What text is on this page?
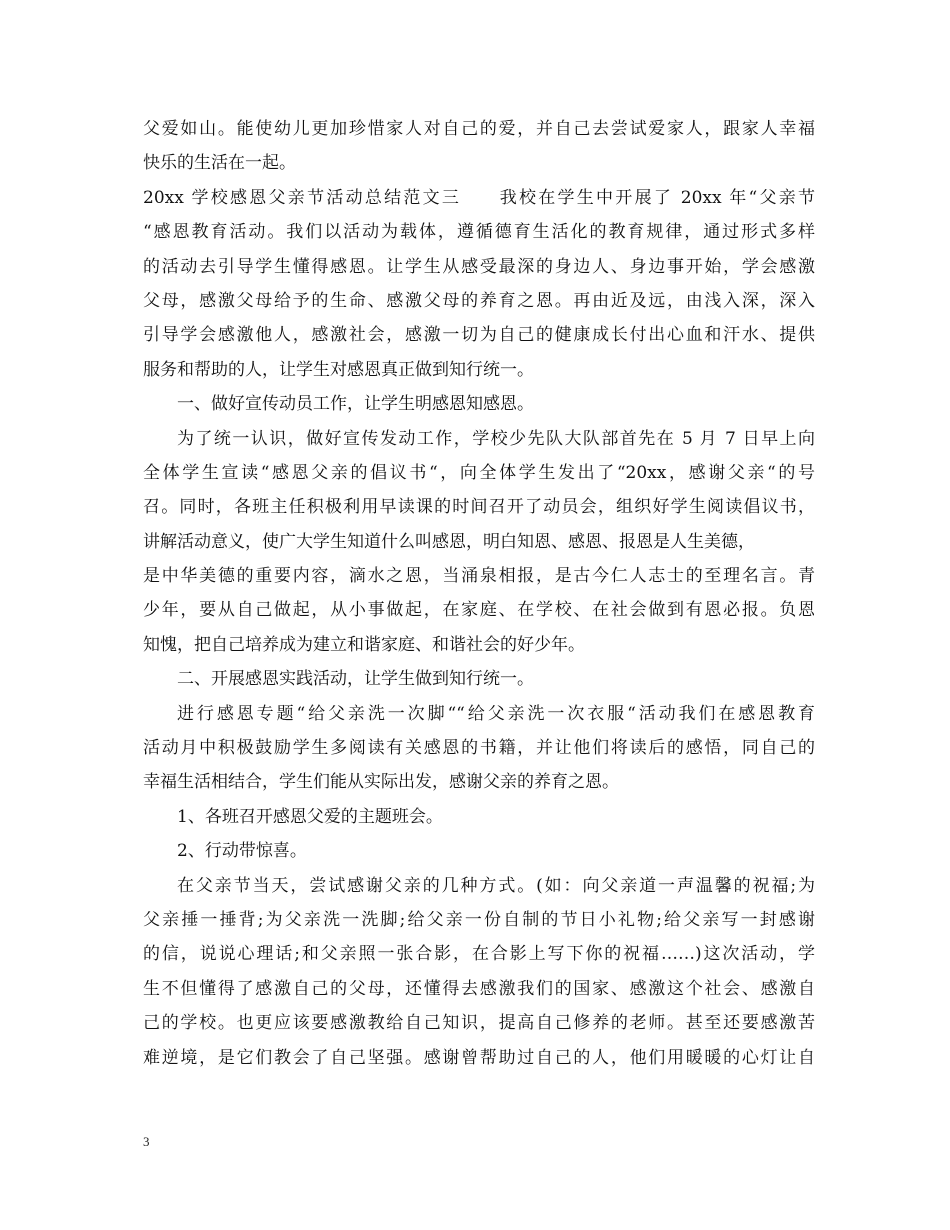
父爱如山。能使幼儿更加珍惜家人对自己的爱，并自己去尝试爱家人，跟家人幸福
快乐的生活在一起。
20xx 学校感恩父亲节活动总结范文三　　我校在学生中开展了 20xx 年“父亲节
“感恩教育活动。我们以活动为载体，遵循德育生活化的教育规律，通过形式多样
的活动去引导学生懂得感恩。让学生从感受最深的身边人、身边事开始，学会感激
父母，感激父母给予的生命、感激父母的养育之恩。再由近及远，由浅入深，深入
引导学会感激他人，感激社会，感激一切为自己的健康成长付出心血和汗水、提供
服务和帮助的人，让学生对感恩真正做到知行统一。
一、做好宣传动员工作，让学生明感恩知感恩。
为了统一认识，做好宣传发动工作，学校少先队大队部首先在 5 月 7 日早上向
全体学生宣读“感恩父亲的倡议书“，向全体学生发出了“20xx，感谢父亲“的号
召。同时，各班主任积极利用早读课的时间召开了动员会，组织好学生阅读倡议书，
讲解活动意义，使广大学生知道什么叫感恩，明白知恩、感恩、报恩是人生美德，
是中华美德的重要内容，滴水之恩，当涌泉相报，是古今仁人志士的至理名言。青
少年，要从自己做起，从小事做起，在家庭、在学校、在社会做到有恩必报。负恩
知愧，把自己培养成为建立和谐家庭、和谐社会的好少年。
二、开展感恩实践活动，让学生做到知行统一。
进行感恩专题“给父亲洗一次脚““给父亲洗一次衣服“活动我们在感恩教育
活动月中积极鼓励学生多阅读有关感恩的书籍，并让他们将读后的感悟，同自己的
幸福生活相结合，学生们能从实际出发，感谢父亲的养育之恩。
1、各班召开感恩父爱的主题班会。
2、行动带惊喜。
在父亲节当天，尝试感谢父亲的几种方式。(如：向父亲道一声温馨的祝福;为
父亲捶一捶背;为父亲洗一洗脚;给父亲一份自制的节日小礼物;给父亲写一封感谢
的信，说说心理话;和父亲照一张合影，在合影上写下你的祝福……)这次活动，学
生不但懂得了感激自己的父母，还懂得去感激我们的国家、感激这个社会、感激自
己的学校。也更应该要感激教给自己知识，提高自己修养的老师。甚至还要感激苦
难逆境，是它们教会了自己坚强。感谢曾帮助过自己的人，他们用暖暖的心灯让自
3
